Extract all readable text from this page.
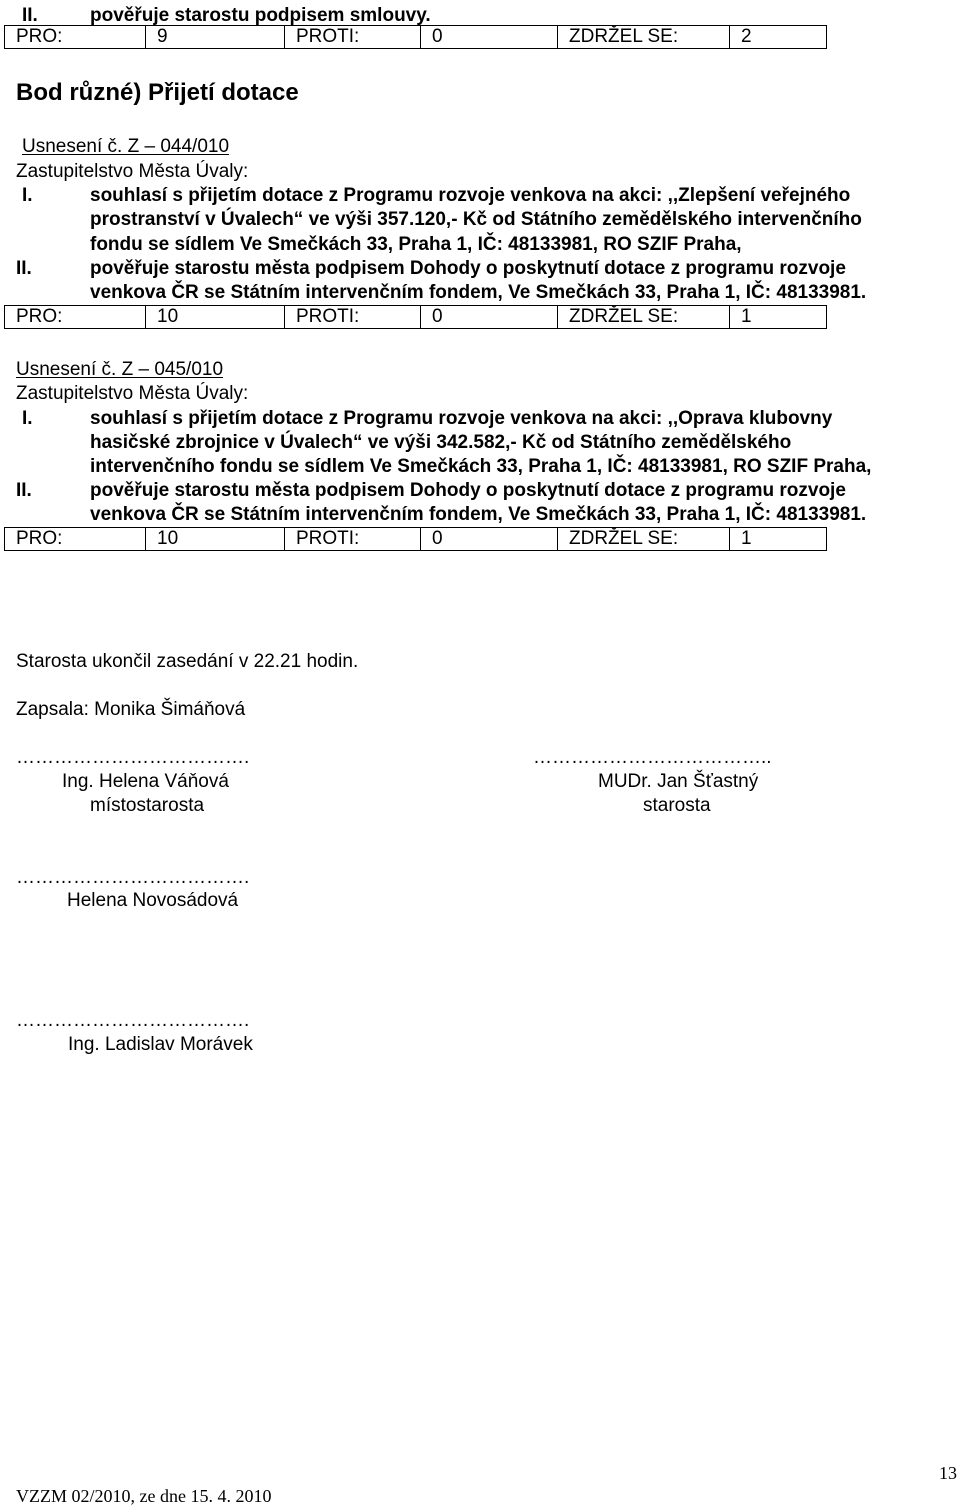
II.	pověřuje starostu podpisem smlouvy.
PRO:	9	PROTI:	0	ZDRŽEL SE:	2
Bod různé) Přijetí dotace
Usnesení č. Z – 044/010
Zastupitelstvo Města Úvaly:
I.	souhlasí s přijetím dotace z Programu rozvoje venkova na akci: ,,Zlepšení veřejného
prostranství v Úvalech“ ve výši 357.120,- Kč od Státního zemědělského intervenčního
fondu se sídlem Ve Smečkách 33, Praha 1, IČ: 48133981, RO SZIF Praha,
II.	pověřuje starostu města podpisem Dohody o poskytnutí dotace z programu rozvoje
venkova ČR se Státním intervenčním fondem, Ve Smečkách 33, Praha 1, IČ: 48133981.
PRO:	10	PROTI:	0	ZDRŽEL SE:	1
Usnesení č. Z – 045/010
Zastupitelstvo Města Úvaly:
I.	souhlasí s přijetím dotace z Programu rozvoje venkova na akci: ,,Oprava klubovny
hasičské zbrojnice v Úvalech“ ve výši 342.582,- Kč od Státního zemědělského
intervenčního fondu se sídlem Ve Smečkách 33, Praha 1, IČ: 48133981, RO SZIF Praha,
II.	pověřuje starostu města podpisem Dohody o poskytnutí dotace z programu rozvoje
venkova ČR se Státním intervenčním fondem, Ve Smečkách 33, Praha 1, IČ: 48133981.
PRO:	10	PROTI:	0	ZDRŽEL SE:	1
Starosta ukončil zasedání v 22.21 hodin.
Zapsala: Monika Šimáňová
……………………………….	………………………………..
Ing. Helena Váňová	MUDr. Jan Šťastný
místostarosta	starosta
……………………………….
Helena Novosádová
……………………………….
Ing. Ladislav Morávek
13
VZZM 02/2010, ze dne 15. 4. 2010
